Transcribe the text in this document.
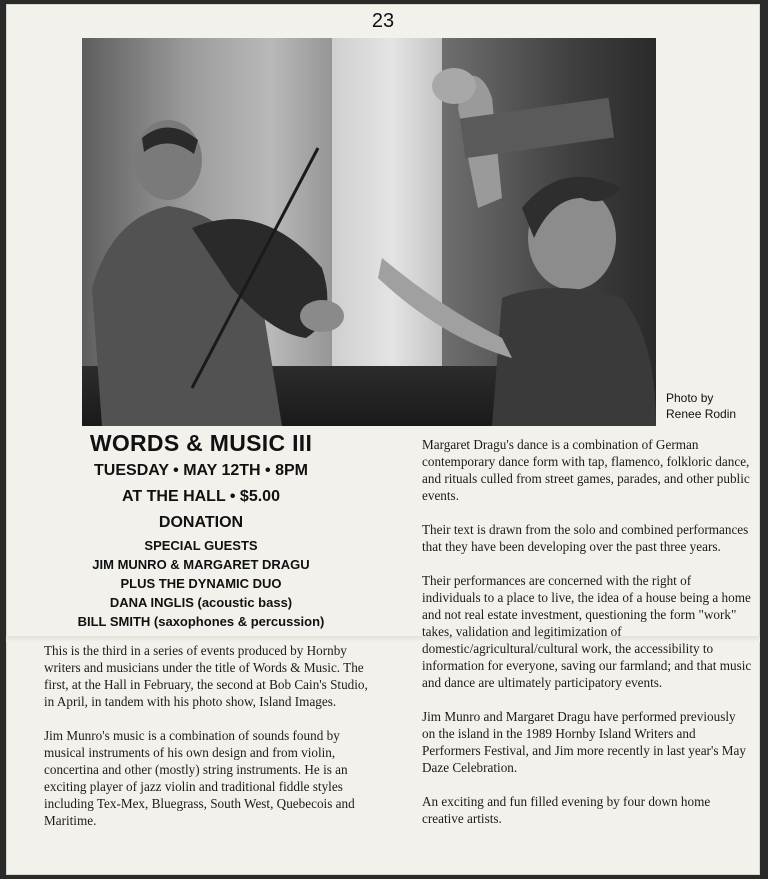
23
Photo by
Renee Rodin
WORDS & MUSIC III
TUESDAY • MAY 12TH • 8PM
AT THE HALL • $5.00
DONATION
SPECIAL GUESTS
JIM MUNRO & MARGARET DRAGU
PLUS THE DYNAMIC DUO
DANA INGLIS (acoustic bass)
BILL SMITH (saxophones & percussion)

This is the third in a series of events produced by Hornby writers and musicians under the title of Words & Music. The first, at the Hall in February, the second at Bob Cain's Studio, in April, in tandem with his photo show, Island Images.

Jim Munro's music is a combination of sounds found by musical instruments of his own design and from violin, concertina and other (mostly) string instruments. He is an exciting player of jazz violin and traditional fiddle styles including Tex-Mex, Bluegrass, South West, Quebecois and Maritime.

Margaret Dragu's dance is a combination of German contemporary dance form with tap, flamenco, folkloric dance, and rituals culled from street games, parades, and other public events.

Their text is drawn from the solo and combined performances that they have been developing over the past three years.

Their performances are concerned with the right of individuals to a place to live, the idea of a house being a home and not real estate investment, questioning the form "work" takes, validation and legitimization of domestic/agricultural/cultural work, the accessibility to information for everyone, saving our farmland; and that music and dance are ultimately participatory events.

Jim Munro and Margaret Dragu have performed previously on the island in the 1989 Hornby Island Writers and Performers Festival, and Jim more recently in last year's May Daze Celebration.

An exciting and fun filled evening by four down home creative artists.
